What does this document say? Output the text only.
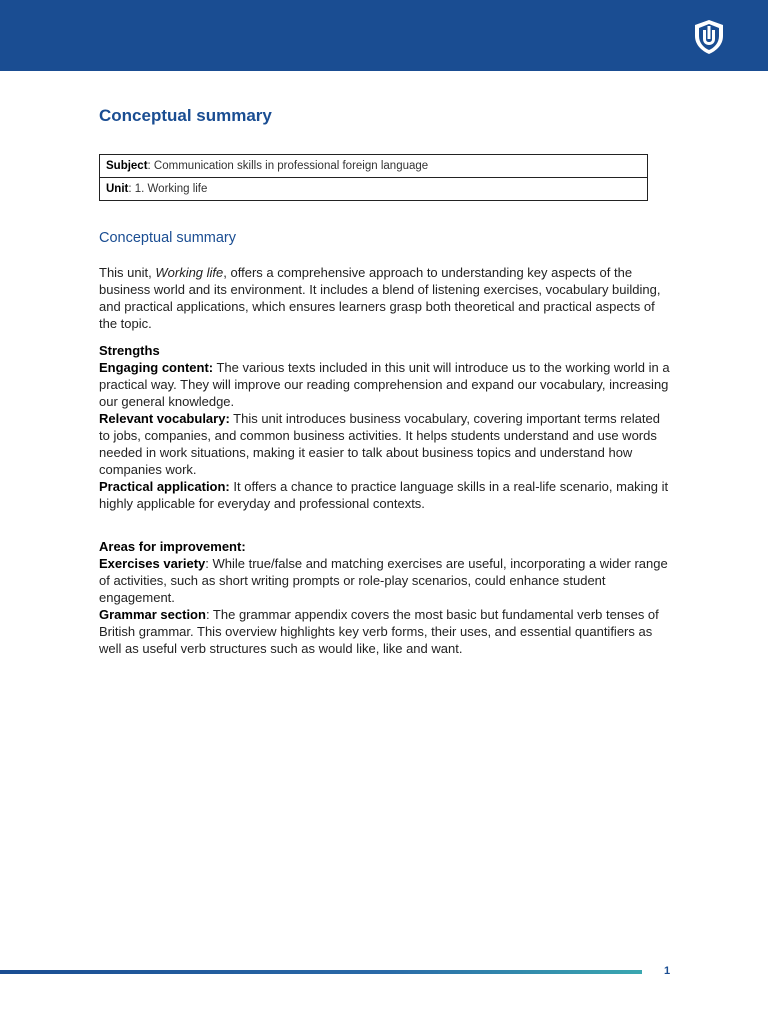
Conceptual summary
Subject: Communication skills in professional foreign language
Unit: 1. Working life
Conceptual summary

This unit, Working life, offers a comprehensive approach to understanding key aspects of the business world and its environment. It includes a blend of listening exercises, vocabulary building, and practical applications, which ensures learners grasp both theoretical and practical aspects of the topic.

Strengths
Engaging content: The various texts included in this unit will introduce us to the working world in a practical way. They will improve our reading comprehension and expand our vocabulary, increasing our general knowledge.
Relevant vocabulary: This unit introduces business vocabulary, covering important terms related to jobs, companies, and common business activities. It helps students understand and use words needed in work situations, making it easier to talk about business topics and understand how companies work.
Practical application: It offers a chance to practice language skills in a real-life scenario, making it highly applicable for everyday and professional contexts.

Areas for improvement:
Exercises variety: While true/false and matching exercises are useful, incorporating a wider range of activities, such as short writing prompts or role-play scenarios, could enhance student engagement.
Grammar section: The grammar appendix covers the most basic but fundamental verb tenses of British grammar. This overview highlights key verb forms, their uses, and essential quantifiers as well as useful verb structures such as would like, like and want.

1
